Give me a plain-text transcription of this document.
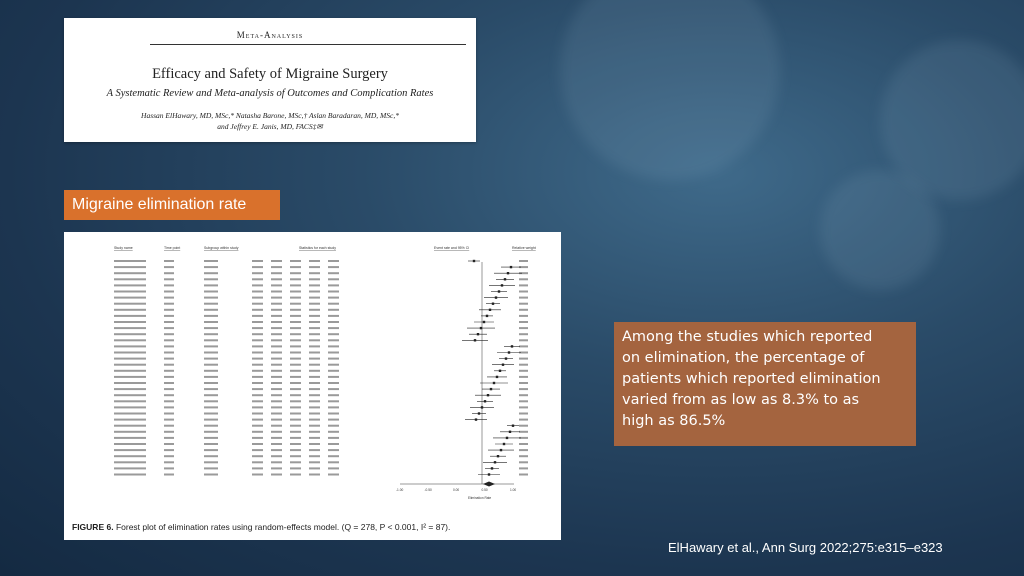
Meta-Analysis
Efficacy and Safety of Migraine Surgery
A Systematic Review and Meta-analysis of Outcomes and Complication Rates
Hassan ElHawary, MD, MSc,* Natasha Barone, MSc,† Aslan Baradaran, MD, MSc,*
and Jeffrey E. Janis, MD, FACS‡✉
Migraine elimination rate
Study name	Time point	Subgroup within study	Statistics for each study	Event rate and 95% CI	Relative weight
-1.00	-0.50	0.00	0.50	1.00
Elimination Rate
FIGURE 6. Forest plot of elimination rates using random-effects model. (Q = 278, P < 0.001, I² = 87).
Among the studies which reported
on elimination, the percentage of
patients which reported elimination
varied from as low as 8.3% to as
high as 86.5%
ElHawary et al., Ann Surg 2022;275:e315–e323
